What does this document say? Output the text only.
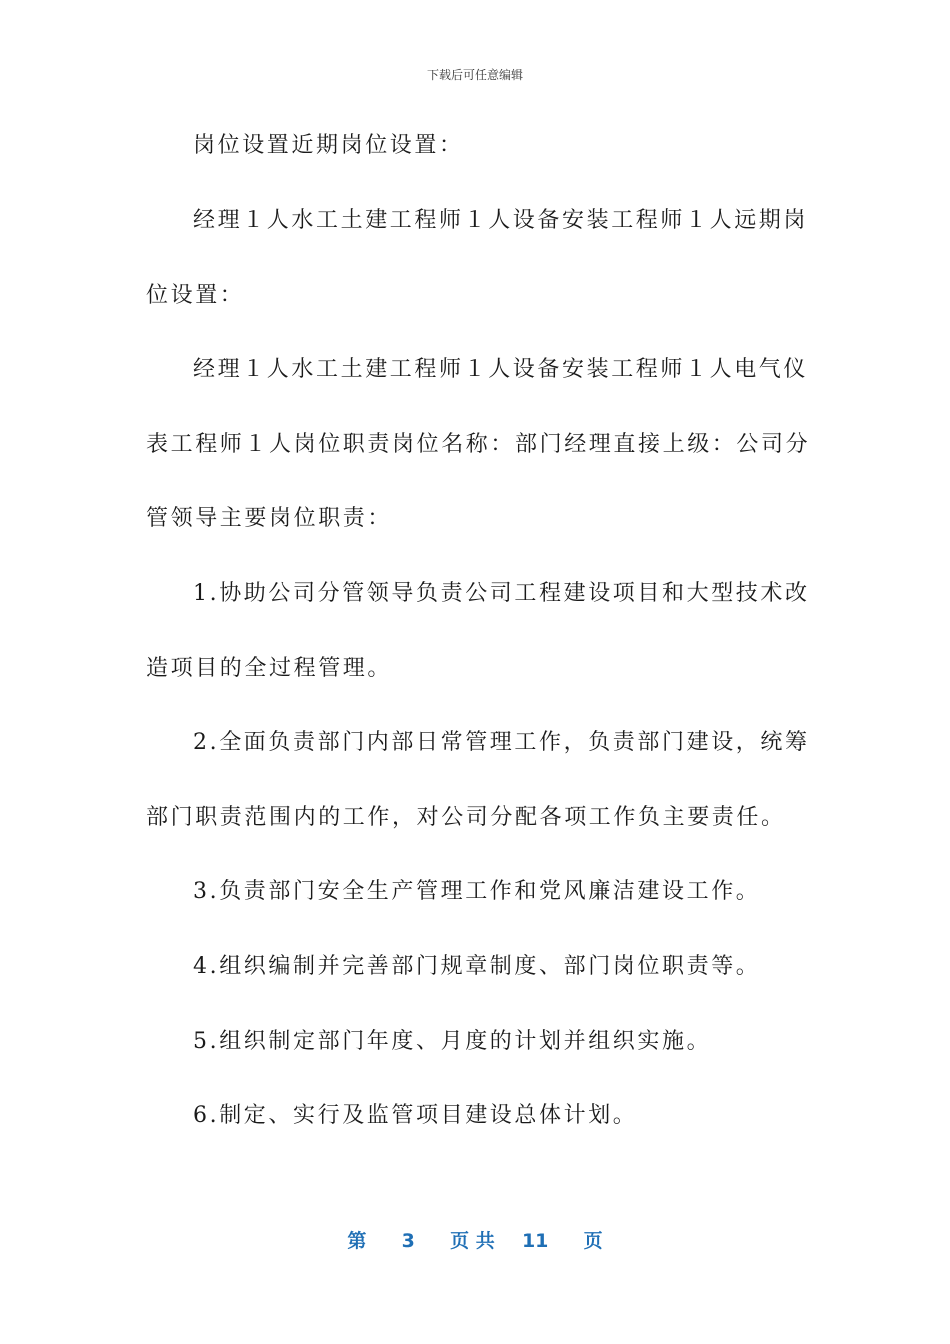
下载后可任意编辑
岗位设置近期岗位设置：
经理１人水工土建工程师１人设备安装工程师１人远期岗
位设置：
经理１人水工土建工程师１人设备安装工程师１人电气仪
表工程师１人岗位职责岗位名称：部门经理直接上级：公司分
管领导主要岗位职责：
1.协助公司分管领导负责公司工程建设项目和大型技术改
造项目的全过程管理。
2.全面负责部门内部日常管理工作，负责部门建设，统筹
部门职责范围内的工作，对公司分配各项工作负主要责任。
3.负责部门安全生产管理工作和党风廉洁建设工作。
4.组织编制并完善部门规章制度、部门岗位职责等。
5.组织制定部门年度、月度的计划并组织实施。
6.制定、实行及监管项目建设总体计划。
第 3 页 共 11 页
